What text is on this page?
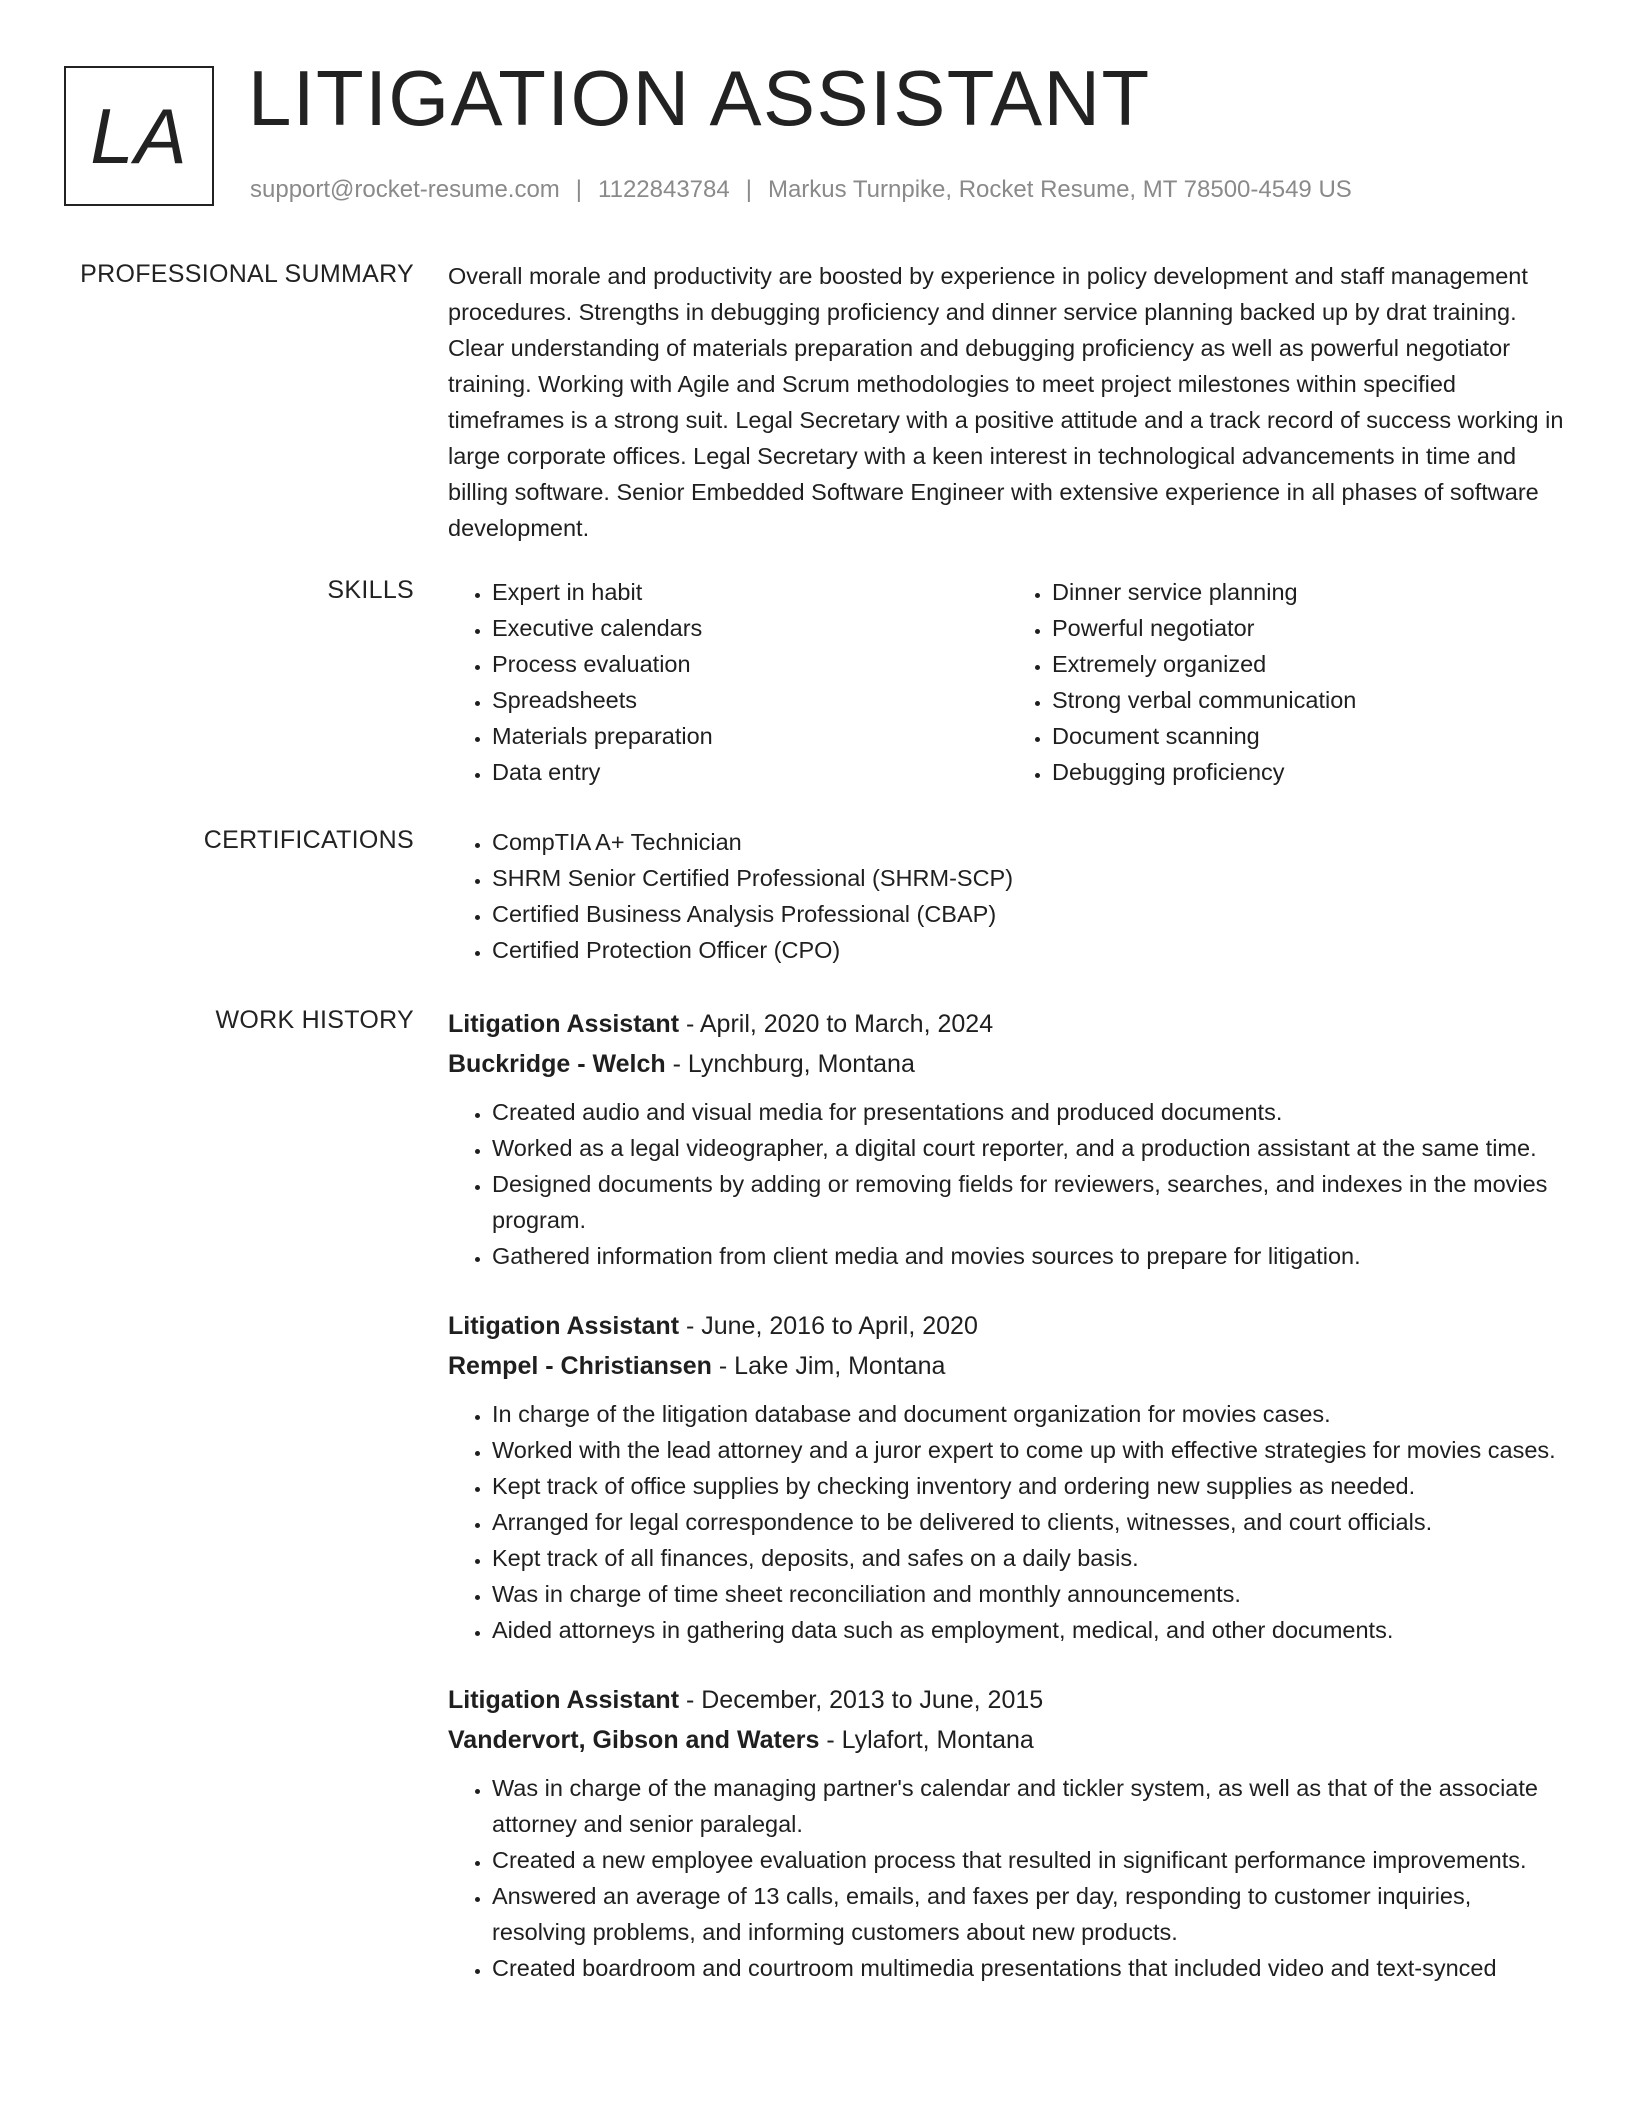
LA LITIGATION ASSISTANT
support@rocket-resume.com | 1122843784 | Markus Turnpike, Rocket Resume, MT 78500-4549 US
PROFESSIONAL SUMMARY Overall morale and productivity are boosted by experience in policy development and staff management procedures. Strengths in debugging proficiency and dinner service planning backed up by drat training. Clear understanding of materials preparation and debugging proficiency as well as powerful negotiator training. Working with Agile and Scrum methodologies to meet project milestones within specified timeframes is a strong suit. Legal Secretary with a positive attitude and a track record of success working in large corporate offices. Legal Secretary with a keen interest in technological advancements in time and billing software. Senior Embedded Software Engineer with extensive experience in all phases of software development.
SKILLS	• Expert in habit
• Executive calendars
• Process evaluation
• Spreadsheets
• Materials preparation
• Data entry
• Dinner service planning
• Powerful negotiator
• Extremely organized
• Strong verbal communication
• Document scanning
• Debugging proficiency
CERTIFICATIONS	• CompTIA A+ Technician
• SHRM Senior Certified Professional (SHRM-SCP)
• Certified Business Analysis Professional (CBAP)
• Certified Protection Officer (CPO)
WORK HISTORY Litigation Assistant - April, 2020 to March, 2024
Buckridge - Welch - Lynchburg, Montana
• Created audio and visual media for presentations and produced documents.
• Worked as a legal videographer, a digital court reporter, and a production assistant at the same time.
• Designed documents by adding or removing fields for reviewers, searches, and indexes in the movies program.
• Gathered information from client media and movies sources to prepare for litigation.
Litigation Assistant - June, 2016 to April, 2020
Rempel - Christiansen - Lake Jim, Montana
• In charge of the litigation database and document organization for movies cases.
• Worked with the lead attorney and a juror expert to come up with effective strategies for movies cases.
• Kept track of office supplies by checking inventory and ordering new supplies as needed.
• Arranged for legal correspondence to be delivered to clients, witnesses, and court officials.
• Kept track of all finances, deposits, and safes on a daily basis.
• Was in charge of time sheet reconciliation and monthly announcements.
• Aided attorneys in gathering data such as employment, medical, and other documents.
Litigation Assistant - December, 2013 to June, 2015
Vandervort, Gibson and Waters - Lylafort, Montana
• Was in charge of the managing partner's calendar and tickler system, as well as that of the associate attorney and senior paralegal.
• Created a new employee evaluation process that resulted in significant performance improvements.
• Answered an average of 13 calls, emails, and faxes per day, responding to customer inquiries, resolving problems, and informing customers about new products.
• Created boardroom and courtroom multimedia presentations that included video and text-synced
